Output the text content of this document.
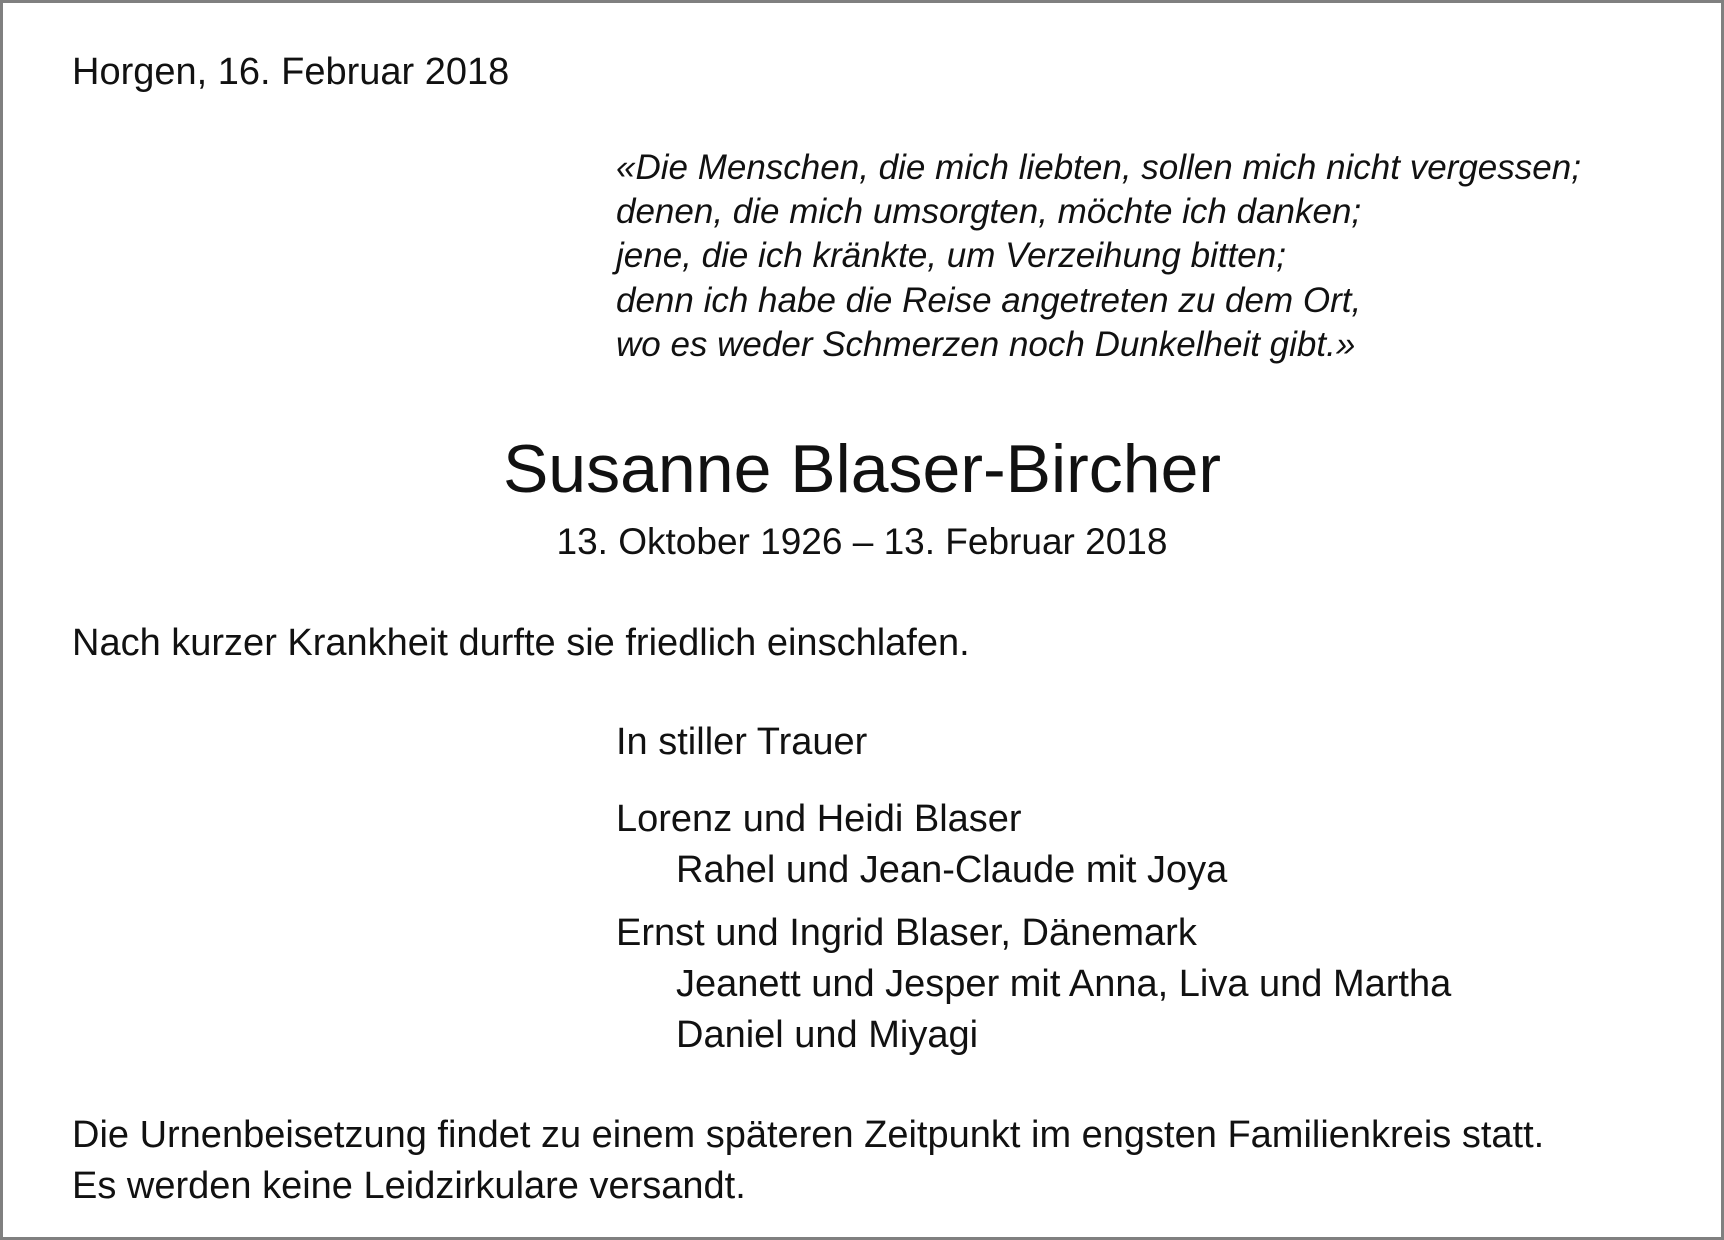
Horgen, 16. Februar 2018

«Die Menschen, die mich liebten, sollen mich nicht vergessen;

denen, die mich umsorgten, möchte ich danken;

jene, die ich kränkte, um Verzeihung bitten;

denn ich habe die Reise angetreten zu dem Ort,

wo es weder Schmerzen noch Dunkelheit gibt.»

Susanne Blaser-Bircher

13. Oktober 1926 – 13. Februar 2018

Nach kurzer Krankheit durfte sie friedlich einschlafen.

In stiller Trauer

Lorenz und Heidi Blaser

Rahel und Jean-Claude mit Joya

Ernst und Ingrid Blaser, Dänemark

Jeanett und Jesper mit Anna, Liva und Martha

Daniel und Miyagi

Die Urnenbeisetzung findet zu einem späteren Zeitpunkt im engsten Familienkreis statt.

Es werden keine Leidzirkulare versandt.
